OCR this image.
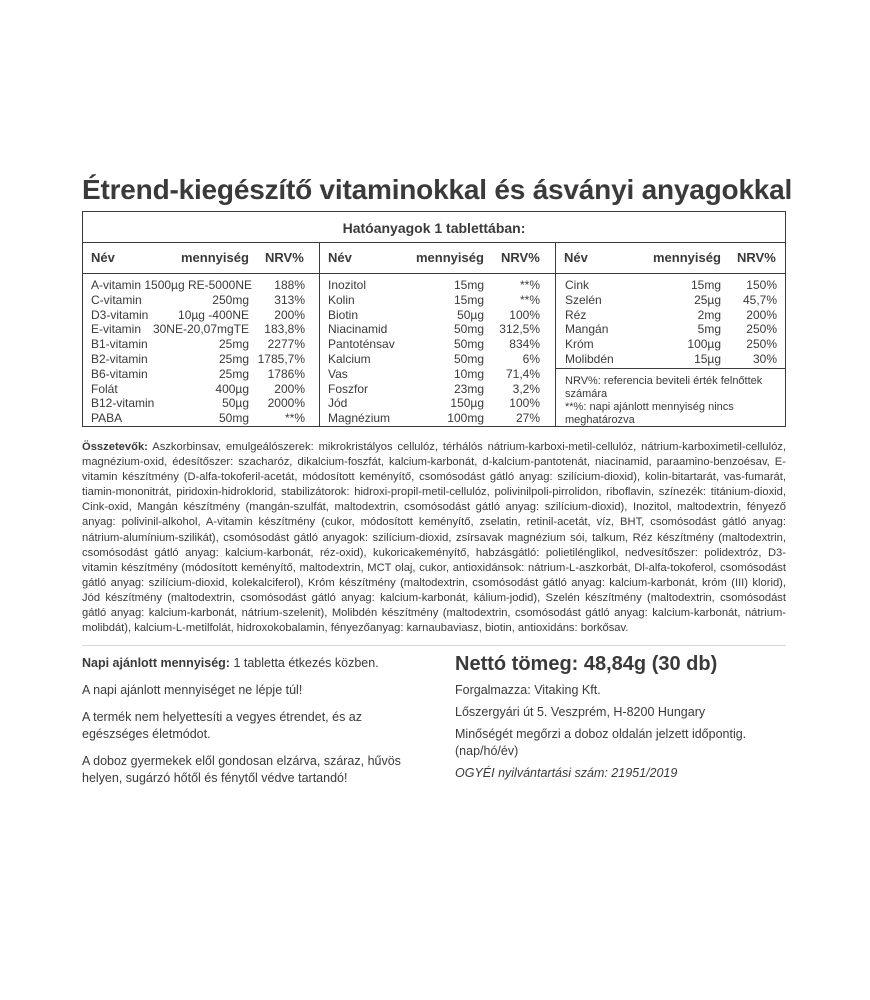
Étrend-kiegészítő vitaminokkal és ásványi anyagokkal
Hatóanyagok 1 tablettában:
Név	mennyiség NRV% Név	mennyiség NRV% Név	mennyiség NRV%
A-vitamin 1500µg RE-5000NE 188%
C-vitamin	250mg 313%
D3-vitamin 10µg -400NE 200%
E-vitamin 30NE-20,07mgTE 183,8%
B1-vitamin	25mg 2277%
B2-vitamin	25mg 1785,7%
B6-vitamin	25mg 1786%
Folát	400µg 200%
B12-vitamin	50µg 2000%
PABA	50mg	**%
Inozitol	15mg	**%
Kolin	15mg	**%
Biotin	50µg 100%
Niacinamid	50mg 312,5%
Pantoténsav	50mg 834%
Kalcium	50mg	6%
Vas	10mg 71,4%
Foszfor	23mg 3,2%
Jód	150µg 100%
Magnézium	100mg	27%
Cink	15mg 150%
Szelén	25µg 45,7%
Réz	2mg 200%
Mangán	5mg 250%
Króm	100µg 250%
Molibdén	15µg	30%
NRV%: referencia beviteli érték felnőttek számára
**%: napi ajánlott mennyiség nincs meghatározva
Összetevők: Aszkorbinsav, emulgeálószerek: mikrokristályos cellulóz, térhálós nátrium-karboxi-metil-cellulóz, nátrium-karboximetil-cellulóz, magnézium-oxid, édesítőszer: szacharóz, dikalcium-foszfát, kalcium-karbonát, d-kalcium-pantotenát, niacinamid, paraamino-benzoésav, E-vitamin készítmény (D-alfa-tokoferil-acetát, módosított keményítő, csomósodást gátló anyag: szilícium-dioxid), kolin-bitartarát, vas-fumarát, tiamin-mononitrát, piridoxin-hidroklorid, stabilizátorok: hidroxi-propil-metil-cellulóz, polivinilpoli-pirrolidon, riboflavin, színezék: titánium-dioxid, Cink-oxid, Mangán készítmény (mangán-szulfát, maltodextrin, csomósodást gátló anyag: szilícium-dioxid), Inozitol, maltodextrin, fényező anyag: polivinil-alkohol, A-vitamin készítmény (cukor, módosított keményítő, zselatin, retinil-acetát, víz, BHT, csomósodást gátló anyag: nátrium-alumínium-szilikát), csomósodást gátló anyagok: szilícium-dioxid, zsírsavak magnézium sói, talkum, Réz készítmény (maltodextrin, csomósodást gátló anyag: kalcium-karbonát, réz-oxid), kukoricakeményítő, habzásgátló: polietilénglikol, nedvesítőszer: polidextróz, D3-vitamin készítmény (módosított keményítő, maltodextrin, MCT olaj, cukor, antioxidánsok: nátrium-L-aszkorbát, Dl-alfa-tokoferol, csomósodást gátló anyag: szilícium-dioxid, kolekalciferol), Króm készítmény (maltodextrin, csomósodást gátló anyag: kalcium-karbonát, króm (III) klorid), Jód készítmény (maltodextrin, csomósodást gátló anyag: kalcium-karbonát, kálium-jodid), Szelén készítmény (maltodextrin, csomósodást gátló anyag: kalcium-karbonát, nátrium-szelenit), Molibdén készítmény (maltodextrin, csomósodást gátló anyag: kalcium-karbonát, nátrium-molibdát), kalcium-L-metilfolát, hidroxokobalamin, fényezőanyag: karnaubaviasz, biotin, antioxidáns: borkősav.

Napi ajánlott mennyiség: 1 tabletta étkezés közben.

A napi ajánlott mennyiséget ne lépje túl!

A termék nem helyettesíti a vegyes étrendet, és az egészséges életmódot.

A doboz gyermekek elől gondosan elzárva, száraz, hűvös helyen, sugárzó hőtől és fénytől védve tartandó!

Nettó tömeg: 48,84g (30 db)

Forgalmazza: Vitaking Kft.

Lőszergyári út 5. Veszprém, H-8200 Hungary

Minőségét megőrzi a doboz oldalán jelzett időpontig. (nap/hó/év)

OGYÉI nyilvántartási szám: 21951/2019
